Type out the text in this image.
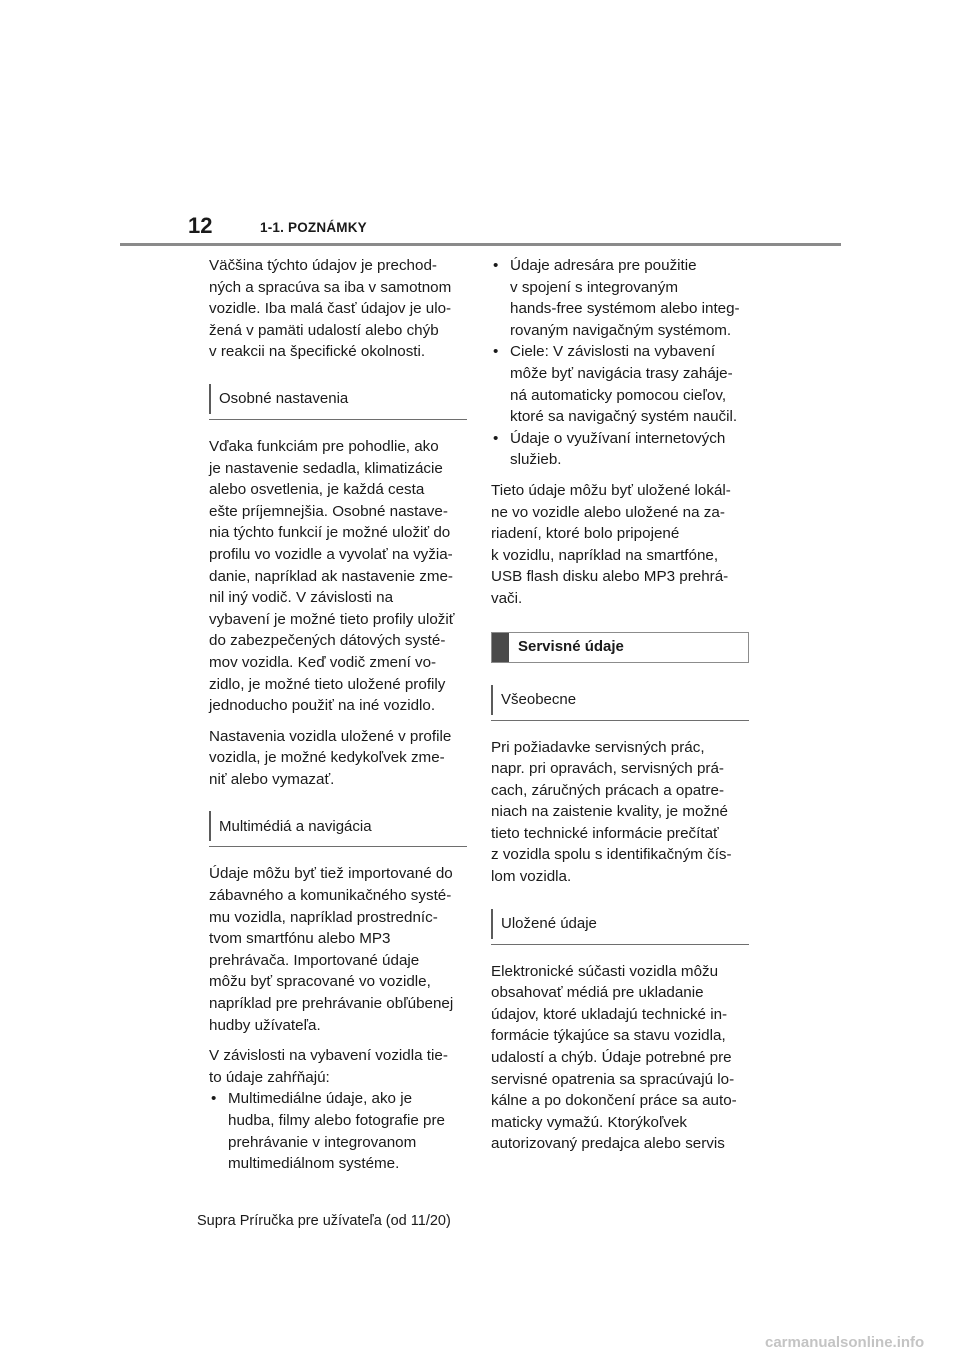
12	1-1. POZNÁMKY

Väčšina týchto údajov je prechod-
ných a spracúva sa iba v samotnom
vozidle. Iba malá časť údajov je ulo-
žená v pamäti udalostí alebo chýb
v reakcii na špecifické okolnosti.

Osobné nastavenia

Vďaka funkciám pre pohodlie, ako
je nastavenie sedadla, klimatizácie
alebo osvetlenia, je každá cesta
ešte príjemnejšia. Osobné nastave-
nia týchto funkcií je možné uložiť do
profilu vo vozidle a vyvolať na vyžia-
danie, napríklad ak nastavenie zme-
nil iný vodič. V závislosti na
vybavení je možné tieto profily uložiť
do zabezpečených dátových systé-
mov vozidla. Keď vodič zmení vo-
zidlo, je možné tieto uložené profily
jednoducho použiť na iné vozidlo.

Nastavenia vozidla uložené v profile
vozidla, je možné kedykoľvek zme-
niť alebo vymazať.

Multimédiá a navigácia

Údaje môžu byť tiež importované do
zábavného a komunikačného systé-
mu vozidla, napríklad prostredníc-
tvom smartfónu alebo MP3
prehrávača. Importované údaje
môžu byť spracované vo vozidle,
napríklad pre prehrávanie obľúbenej
hudby užívateľa.

V závislosti na vybavení vozidla tie-
to údaje zahŕňajú:

• Multimediálne údaje, ako je
hudba, filmy alebo fotografie pre
prehrávanie v integrovanom
multimediálnom systéme.
• Údaje adresára pre použitie
v spojení s integrovaným
hands-free systémom alebo integ-
rovaným navigačným systémom.
• Ciele: V závislosti na vybavení
môže byť navigácia trasy zaháje-
ná automaticky pomocou cieľov,
ktoré sa navigačný systém naučil.
• Údaje o využívaní internetových
služieb.

Tieto údaje môžu byť uložené lokál-
ne vo vozidle alebo uložené na za-
riadení, ktoré bolo pripojené
k vozidlu, napríklad na smartfóne,
USB flash disku alebo MP3 prehrá-
vači.

Servisné údaje
Všeobecne

Pri požiadavke servisných prác,
napr. pri opravách, servisných prá-
cach, záručných prácach a opatre-
niach na zaistenie kvality, je možné
tieto technické informácie prečítať
z vozidla spolu s identifikačným čís-
lom vozidla.

Uložené údaje

Elektronické súčasti vozidla môžu
obsahovať médiá pre ukladanie
údajov, ktoré ukladajú technické in-
formácie týkajúce sa stavu vozidla,
udalostí a chýb. Údaje potrebné pre
servisné opatrenia sa spracúvajú lo-
kálne a po dokončení práce sa auto-
maticky vymažú. Ktorýkoľvek
autorizovaný predajca alebo servis

Supra Príručka pre užívateľa (od 11/20)
carmanualsonline.info
